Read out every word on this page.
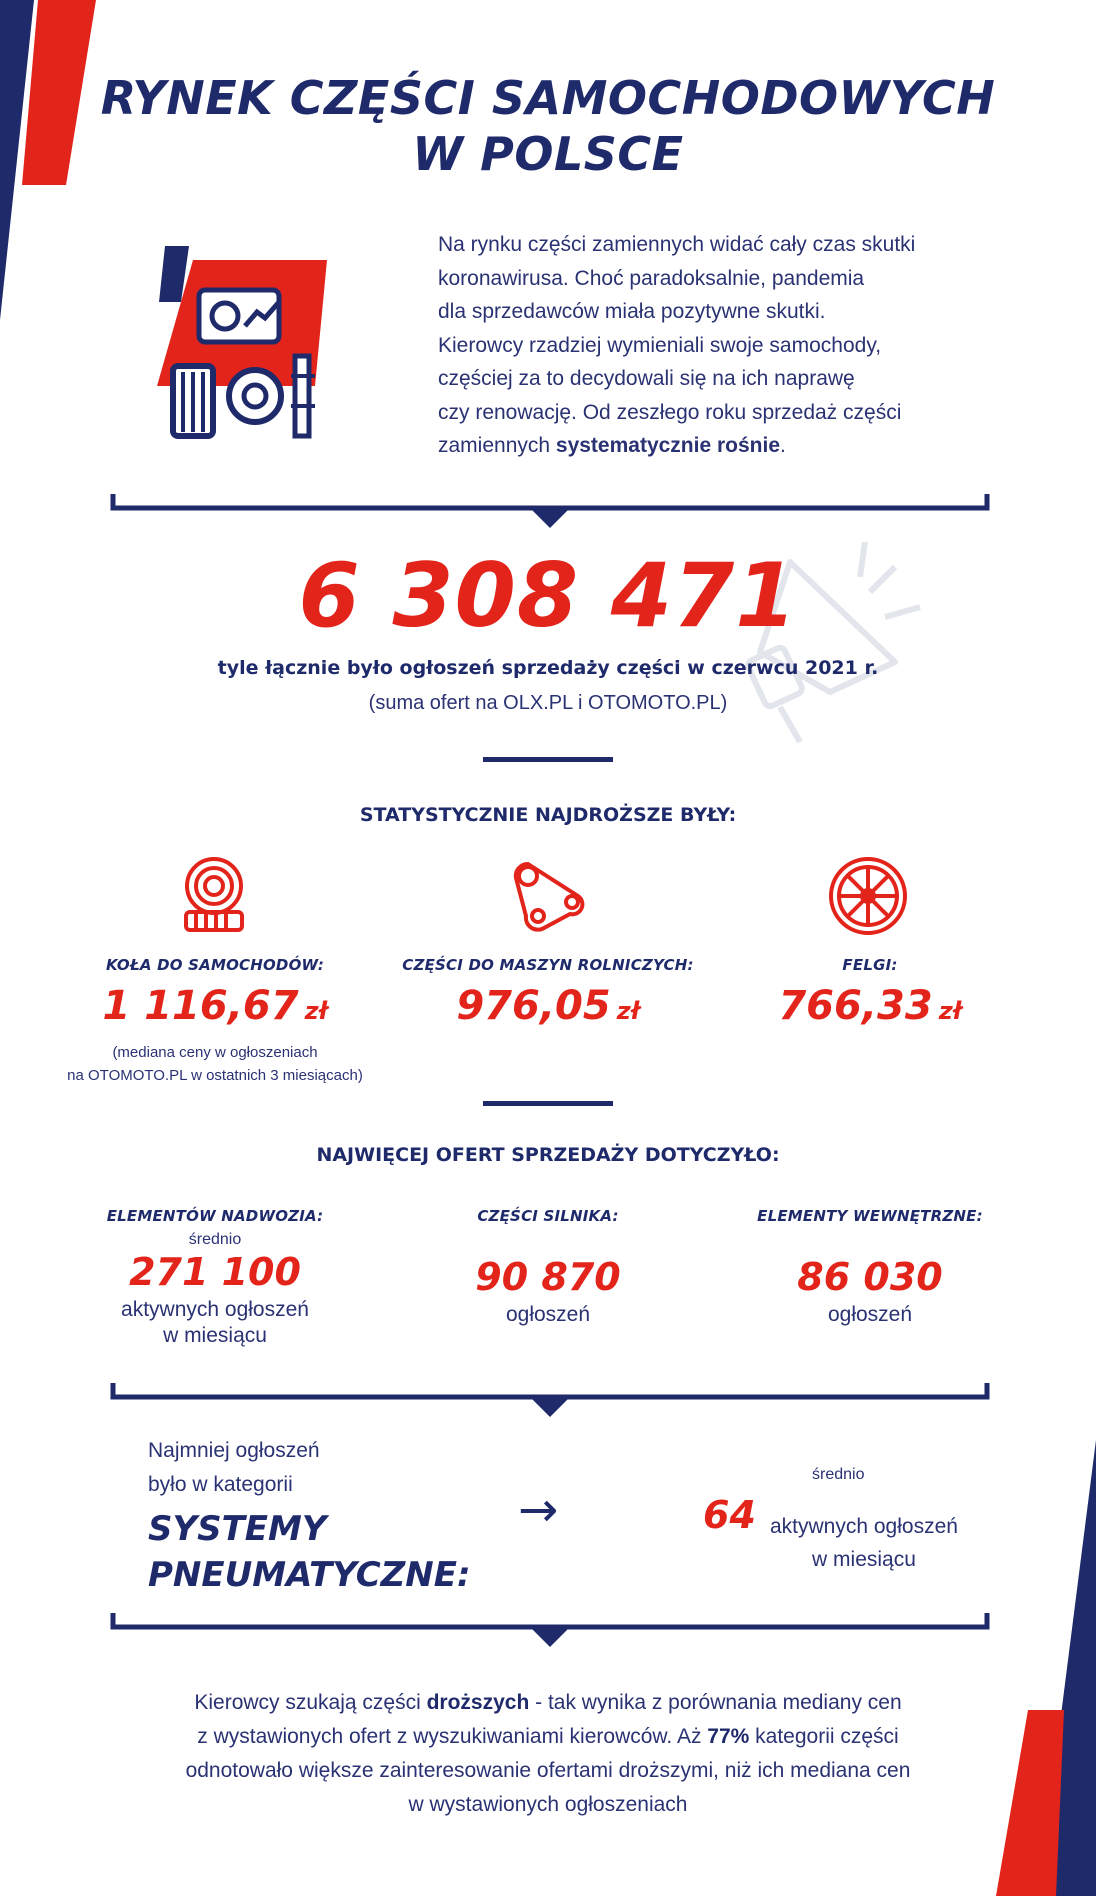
RYNEK CZĘŚCI SAMOCHODOWYCH
W POLSCE
Na rynku części zamiennych widać cały czas skutki
koronawirusa. Choć paradoksalnie, pandemia
dla sprzedawców miała pozytywne skutki.
Kierowcy rzadziej wymieniali swoje samochody,
częściej za to decydowali się na ich naprawę
czy renowację. Od zeszłego roku sprzedaż części
zamiennych systematycznie rośnie.
6 308 471
tyle łącznie było ogłoszeń sprzedaży części w czerwcu 2021 r.
(suma ofert na OLX.PL i OTOMOTO.PL)
STATYSTYCZNIE NAJDROŻSZE BYŁY:
KOŁA DO SAMOCHODÓW:
1 116,67 zł
(mediana ceny w ogłoszeniach
na OTOMOTO.PL w ostatnich 3 miesiącach)
CZĘŚCI DO MASZYN ROLNICZYCH:
976,05 zł
FELGI:
766,33 zł
NAJWIĘCEJ OFERT SPRZEDAŻY DOTYCZYŁO:
ELEMENTÓW NADWOZIA:
średnio
271 100
aktywnych ogłoszeń
w miesiącu
CZĘŚCI SILNIKA:
90 870
ogłoszeń
ELEMENTY WEWNĘTRZNE:
86 030
ogłoszeń
Najmniej ogłoszeń
było w kategorii
SYSTEMY
PNEUMATYCZNE:
→
średnio
64 aktywnych ogłoszeń
w miesiącu
Kierowcy szukają części droższych - tak wynika z porównania mediany cen
z wystawionych ofert z wyszukiwaniami kierowców. Aż 77% kategorii części
odnotowało większe zainteresowanie ofertami droższymi, niż ich mediana cen
w wystawionych ogłoszeniach
